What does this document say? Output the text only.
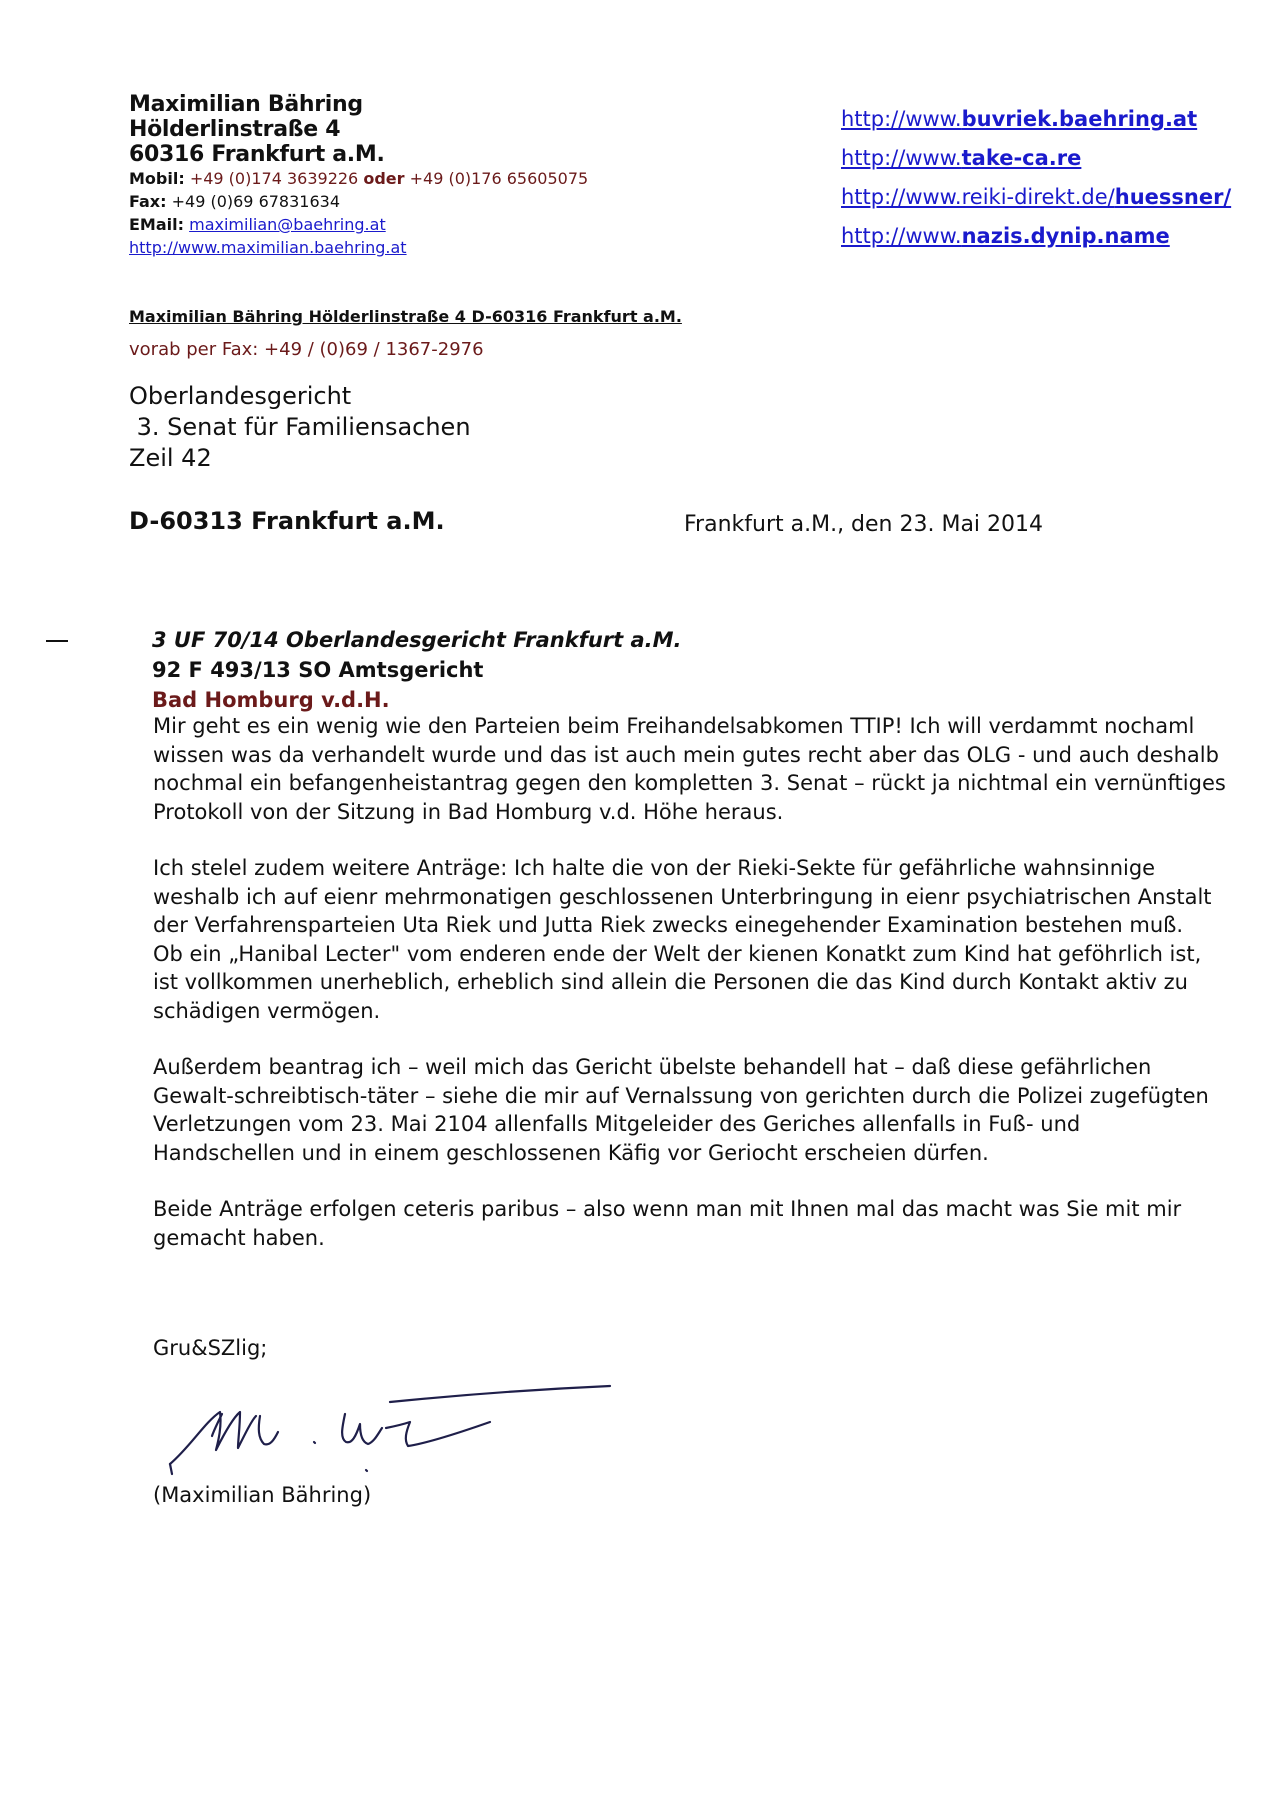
Maximilian Bähring
Hölderlinstraße 4
60316 Frankfurt a.M.
Mobil: +49 (0)174 3639226 oder +49 (0)176 65605075
Fax: +49 (0)69 67831634
EMail: maximilian@baehring.at
http://www.maximilian.baehring.at
http://www.buvriek.baehring.at
http://www.take-ca.re
http://www.reiki-direkt.de/huessner/
http://www.nazis.dynip.name
Maximilian Bähring Hölderlinstraße 4 D-60316 Frankfurt a.M.
vorab per Fax: +49 / (0)69 / 1367-2976
Oberlandesgericht
3. Senat für Familiensachen
Zeil 42
D-60313 Frankfurt a.M.	Frankfurt a.M., den 23. Mai 2014
3 UF 70/14 Oberlandesgericht Frankfurt a.M.
92 F 493/13 SO Amtsgericht
Bad Homburg v.d.H.

Mir geht es ein wenig wie den Parteien beim Freihandelsabkomen TTIP! Ich will verdammt nochaml
wissen was da verhandelt wurde und das ist auch mein gutes recht aber das OLG - und auch deshalb
nochmal ein befangenheistantrag gegen den kompletten 3. Senat – rückt ja nichtmal ein vernünftiges
Protokoll von der Sitzung in Bad Homburg v.d. Höhe heraus.

Ich stelel zudem weitere Anträge: Ich halte die von der Rieki-Sekte für gefährliche wahnsinnige
weshalb ich auf eienr mehrmonatigen geschlossenen Unterbringung in eienr psychiatrischen Anstalt
der Verfahrensparteien Uta Riek und Jutta Riek zwecks einegehender Examination bestehen muß.
Ob ein „Hanibal Lecter" vom enderen ende der Welt der kienen Konatkt zum Kind hat geföhrlich ist,
ist vollkommen unerheblich, erheblich sind allein die Personen die das Kind durch Kontakt aktiv zu
schädigen vermögen.

Außerdem beantrag ich – weil mich das Gericht übelste behandell hat – daß diese gefährlichen
Gewalt-schreibtisch-täter – siehe die mir auf Vernalssung von gerichten durch die Polizei zugefügten
Verletzungen vom 23. Mai 2104 allenfalls Mitgeleider des Geriches allenfalls in Fuß- und
Handschellen und in einem geschlossenen Käfig vor Geriocht erscheien dürfen.

Beide Anträge erfolgen ceteris paribus – also wenn man mit Ihnen mal das macht was Sie mit mir
gemacht haben.

Gru&SZlig;
(Maximilian Bähring)
